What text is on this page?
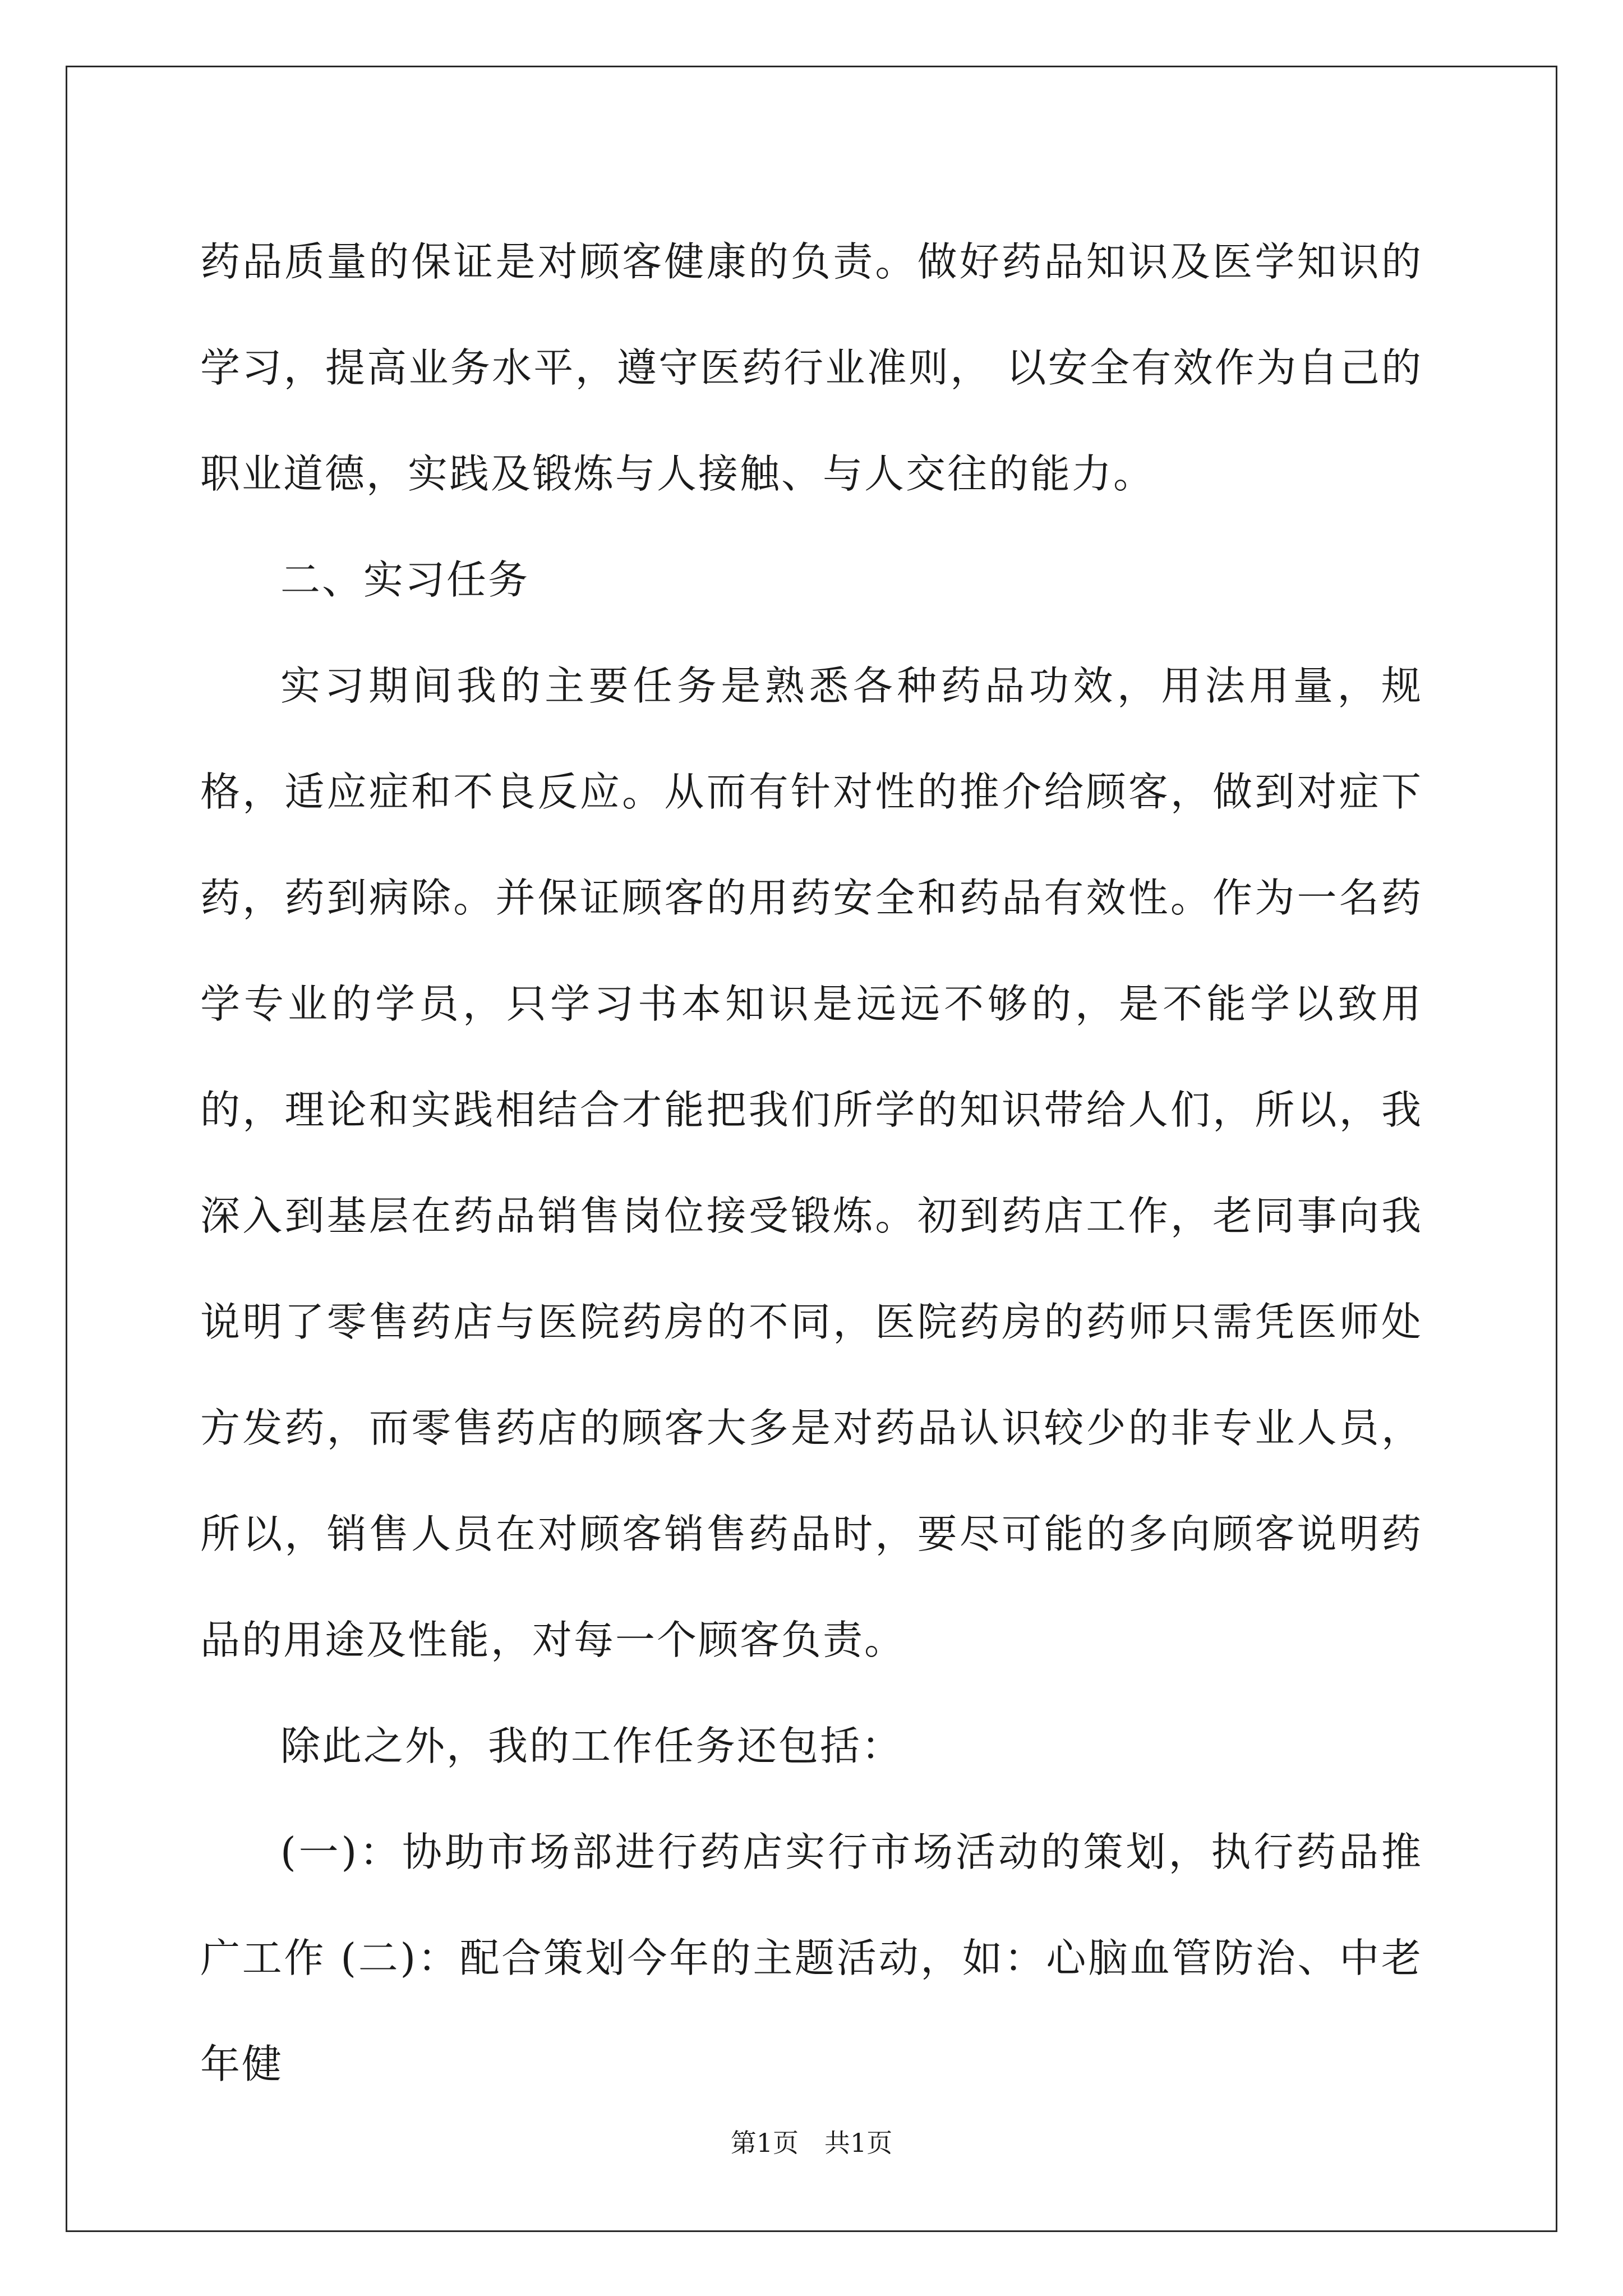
药品质量的保证是对顾客健康的负责。做好药品知识及医学知识的学习，提高业务水平，遵守医药行业准则， 以安全有效作为自己的职业道德，实践及锻炼与人接触、与人交往的能力。

二、实习任务

实习期间我的主要任务是熟悉各种药品功效，用法用量，规格，适应症和不良反应。从而有针对性的推介给顾客，做到对症下药，药到病除。并保证顾客的用药安全和药品有效性。作为一名药学专业的学员，只学习书本知识是远远不够的，是不能学以致用的，理论和实践相结合才能把我们所学的知识带给人们，所以，我深入到基层在药品销售岗位接受锻炼。初到药店工作，老同事向我说明了零售药店与医院药房的不同，医院药房的药师只需凭医师处方发药，而零售药店的顾客大多是对药品认识较少的非专业人员，所以，销售人员在对顾客销售药品时，要尽可能的多向顾客说明药品的用途及性能，对每一个顾客负责。

除此之外，我的工作任务还包括：

(一)：协助市场部进行药店实行市场活动的策划，执行药品推广工作 (二)：配合策划今年的主题活动，如：心脑血管防治、中老年健

第1页 共1页
